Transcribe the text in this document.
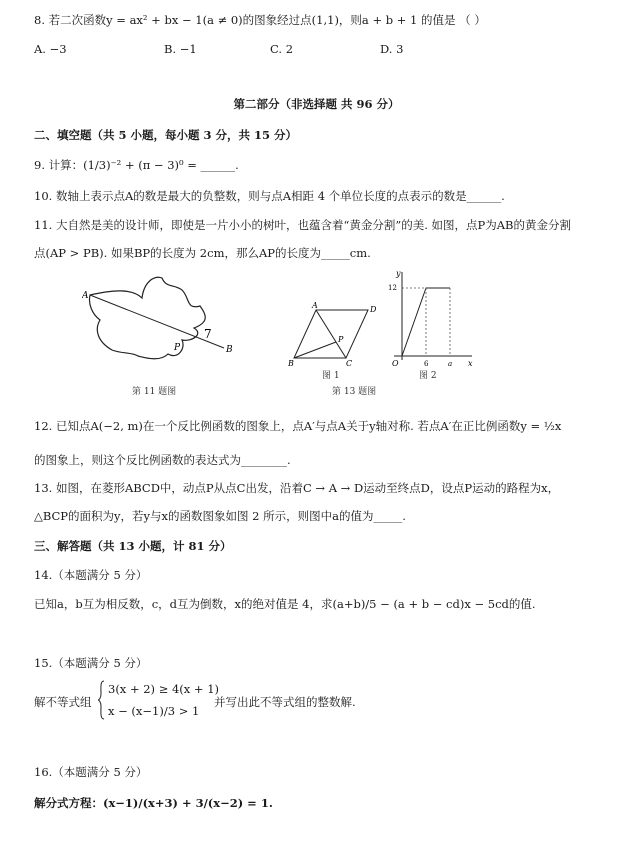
8. 若二次函数y = ax² + bx − 1(a ≠ 0)的图象经过点(1,1)，则a + b + 1 的值是 （ ）
A. −3	B. −1	C. 2	D. 3
第二部分（非选择题 共 96 分）
二、填空题（共 5 小题，每小题 3 分，共 15 分）
9. 计算：(1/3)⁻² + (π − 3)⁰ = ______.
10. 数轴上表示点A的数是最大的负整数，则与点A相距 4 个单位长度的点表示的数是______.
11. 大自然是美的设计师，即使是一片小小的树叶，也蕴含着“黄金分割”的美. 如图，点P为AB的黄金分割
点(AP > PB). 如果BP的长度为 2cm，那么AP的长度为_____cm.
A
P	B
7
第 11 题图
A	D
B	C
P
图 1
y
x
O
12
6	a
图 2
第 13 题图
12. 已知点A(−2, m)在一个反比例函数的图象上，点A′与点A关于y轴对称. 若点A′在正比例函数y = ½x
的图象上，则这个反比例函数的表达式为________.
13. 如图，在菱形ABCD中，动点P从点C出发，沿着C → A → D运动至终点D，设点P运动的路程为x，
△BCP的面积为y，若y与x的函数图象如图 2 所示，则图中a的值为_____.
三、解答题（共 13 小题，计 81 分）
14.（本题满分 5 分）
已知a，b互为相反数，c，d互为倒数，x的绝对值是 4，求(a+b)/5 − (a + b − cd)x − 5cd的值.
15.（本题满分 5 分）
解不等式组
3(x + 2) ≥ 4(x + 1)
x − (x−1)/3 > 1
并写出此不等式组的整数解.
16.（本题满分 5 分）
解分式方程：(x−1)/(x+3) + 3/(x−2) = 1.
